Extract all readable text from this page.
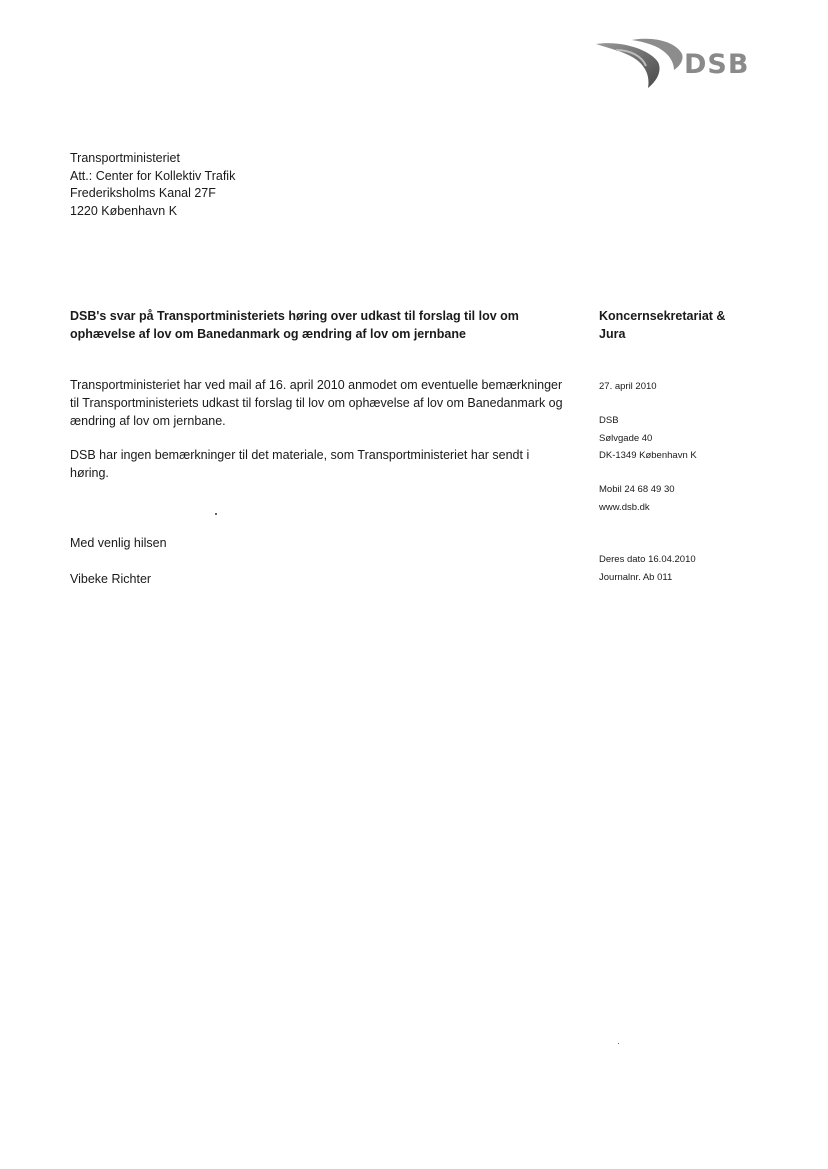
DSB
Transportministeriet
Att.: Center for Kollektiv Trafik
Frederiksholms Kanal 27F
1220 København K
DSB's svar på Transportministeriets høring over udkast til forslag til lov om ophævelse af lov om Banedanmark og ændring af lov om jernbane
Koncernsekretariat & Jura

Transportministeriet har ved mail af 16. april 2010 anmodet om eventuelle bemærkninger til Transportministeriets udkast til forslag til lov om ophævelse af lov om Banedanmark og ændring af lov om jernbane.

DSB har ingen bemærkninger til det materiale, som Transportministeriet har sendt i høring.

Med venlig hilsen
Vibeke Richter
27. april 2010
DSB
Sølvgade 40
DK-1349 København K
Mobil 24 68 49 30
www.dsb.dk
Deres dato 16.04.2010
Journalnr. Ab 011
